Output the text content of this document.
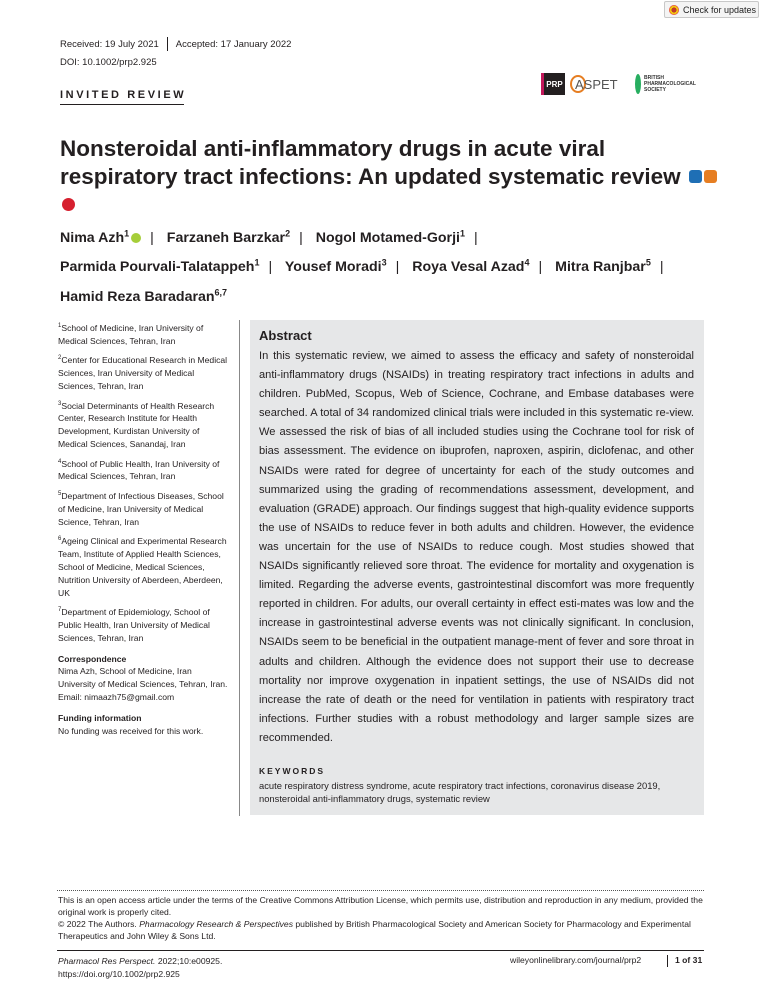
Check for updates
Received: 19 July 2021 Accepted: 17 January 2022
DOI: 10.1002/prp2.925
INVITED REVIEW
PRP ASPET	BRITISH
PHARMACOLOGICAL
SOCIETY
Nonsteroidal anti-inflammatory drugs in acute viral respiratory tract infections: An updated systematic review
Nima Azh$^1$ | Farzaneh Barzkar$^2$ | Nogol Motamed-Gorji$^1$ |
Parmida Pourvali-Talatappeh$^1$ | Yousef Moradi$^3$ | Roya Vesal Azad$^4$ | Mitra Ranjbar$^5$ |
Hamid Reza Baradaran$^{6,7}$
$^1$School of Medicine, Iran University of Medical Sciences, Tehran, Iran
$^2$Center for Educational Research in Medical Sciences, Iran University of Medical Sciences, Tehran, Iran
$^3$Social Determinants of Health Research Center, Research Institute for Health Development, Kurdistan University of Medical Sciences, Sanandaj, Iran
$^4$School of Public Health, Iran University of Medical Sciences, Tehran, Iran
$^5$Department of Infectious Diseases, School of Medicine, Iran University of Medical Science, Tehran, Iran
$^6$Ageing Clinical and Experimental Research Team, Institute of Applied Health Sciences, School of Medicine, Medical Sciences, Nutrition University of Aberdeen, Aberdeen, UK
$^7$Department of Epidemiology, School of Public Health, Iran University of Medical Sciences, Tehran, Iran
Correspondence
Nima Azh, School of Medicine, Iran University of Medical Sciences, Tehran, Iran.
Email: nimaazh75@gmail.com
Funding information
No funding was received for this work.
Abstract
In this systematic review, we aimed to assess the efficacy and safety of nonsteroidal anti-inflammatory drugs (NSAIDs) in treating respiratory tract infections in adults and children. PubMed, Scopus, Web of Science, Cochrane, and Embase databases were searched. A total of 34 randomized clinical trials were included in this systematic re-view. We assessed the risk of bias of all included studies using the Cochrane tool for risk of bias assessment. The evidence on ibuprofen, naproxen, aspirin, diclofenac, and other NSAIDs were rated for degree of uncertainty for each of the study outcomes and summarized using the grading of recommendations assessment, development, and evaluation (GRADE) approach. Our findings suggest that high-quality evidence supports the use of NSAIDs to reduce fever in both adults and children. However, the evidence was uncertain for the use of NSAIDs to reduce cough. Most studies showed that NSAIDs significantly relieved sore throat. The evidence for mortality and oxygenation is limited. Regarding the adverse events, gastrointestinal discomfort was more frequently reported in children. For adults, our overall certainty in effect esti-mates was low and the increase in gastrointestinal adverse events was not clinically significant. In conclusion, NSAIDs seem to be beneficial in the outpatient manage-ment of fever and sore throat in adults and children. Although the evidence does not support their use to decrease mortality nor improve oxygenation in inpatient settings, the use of NSAIDs did not increase the rate of death or the need for ventilation in patients with respiratory tract infections. Further studies with a robust methodology and larger sample sizes are recommended.
KEYWORDS
acute respiratory distress syndrome, acute respiratory tract infections, coronavirus disease 2019, nonsteroidal anti-inflammatory drugs, systematic review
This is an open access article under the terms of the Creative Commons Attribution License, which permits use, distribution and reproduction in any medium, provided the original work is properly cited.
© 2022 The Authors. Pharmacology Research & Perspectives published by British Pharmacological Society and American Society for Pharmacology and Experimental Therapeutics and John Wiley & Sons Ltd.
Pharmacol Res Perspect. 2022;10:e00925.
https://doi.org/10.1002/prp2.925
wileyonlinelibrary.com/journal/prp2	1 of 31
